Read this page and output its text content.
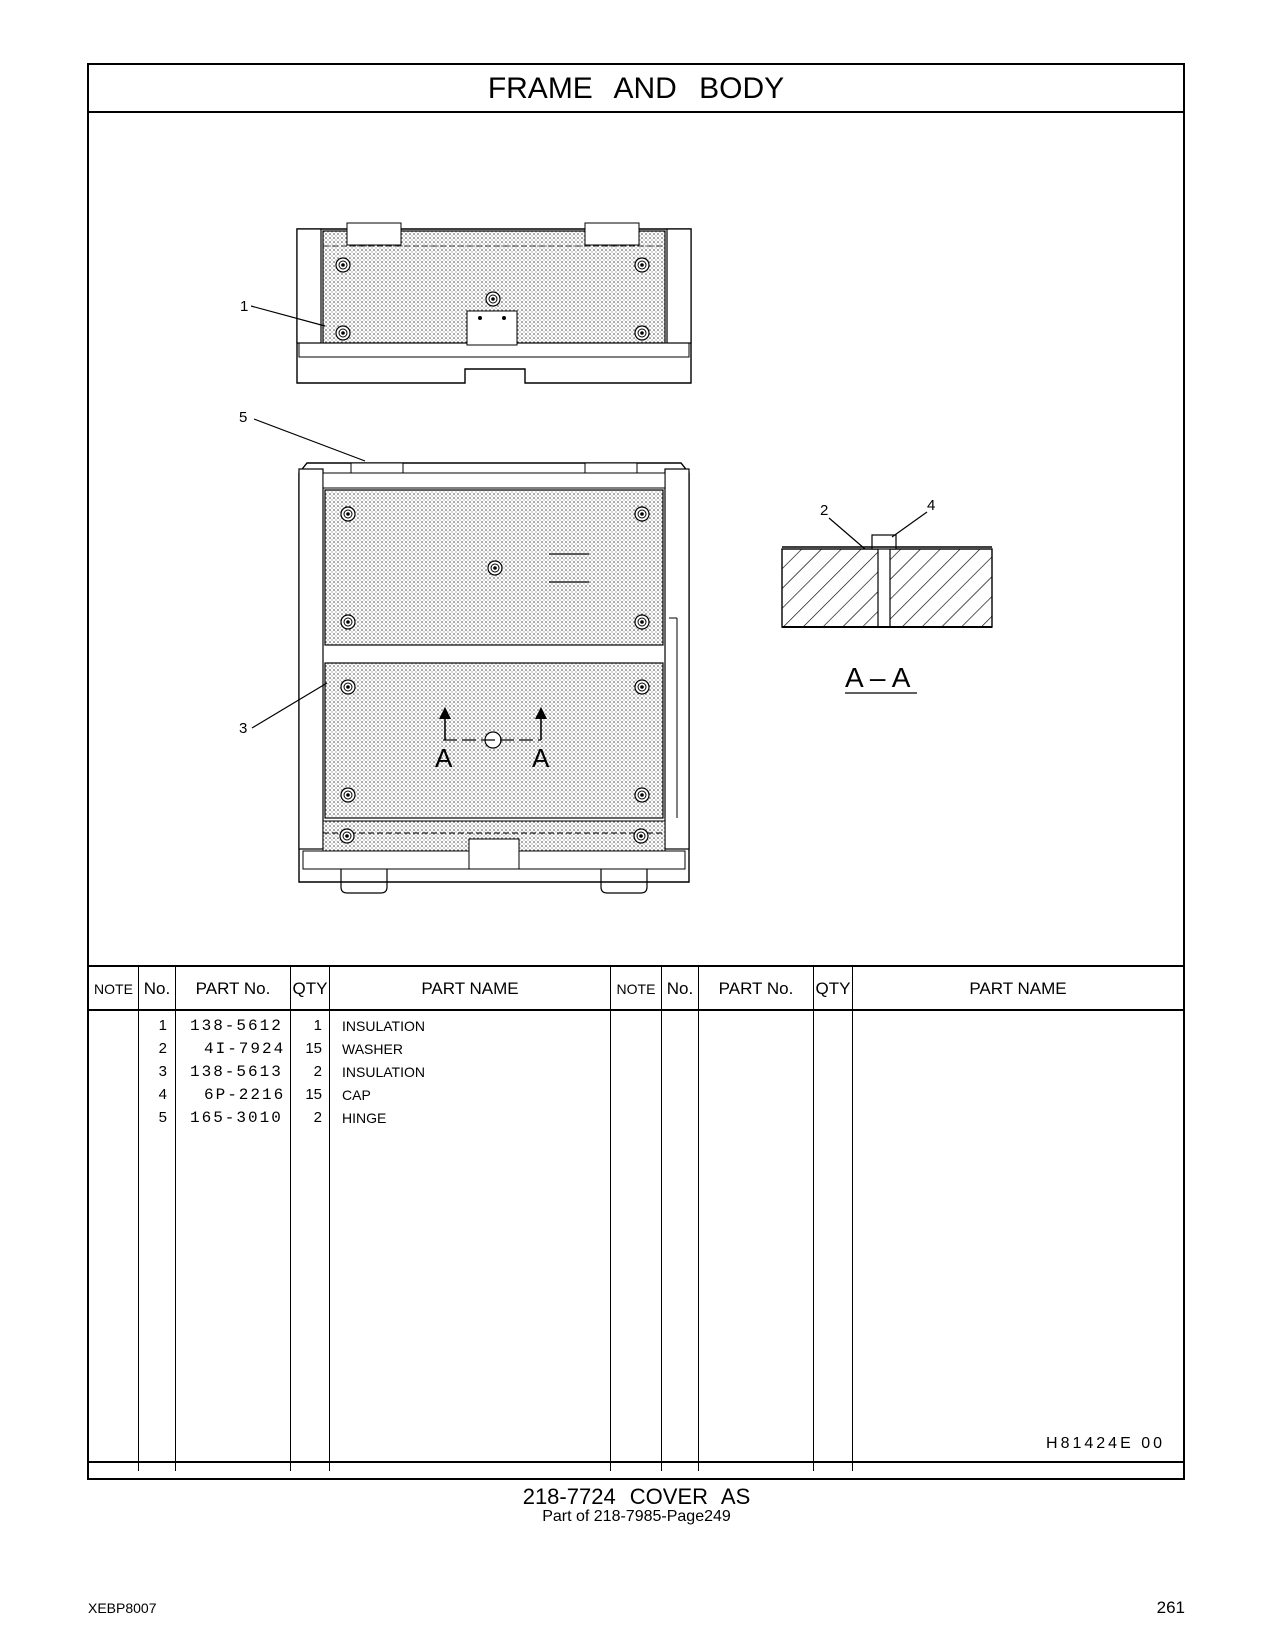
FRAME AND BODY
1
5
3
2	4
A	A
A – A
NOTE No.	PART No.	QTY	PART NAME	NOTE No.	PART No.	QTY	PART NAME
1 138-5612	1 INSULATION
2 4I-7924	15 WASHER
3 138-5613	2 INSULATION
4 6P-2216	15 CAP
5 165-3010	2 HINGE
H81424E 00
218-7724 COVER AS
Part of 218-7985-Page249
XEBP8007	261
